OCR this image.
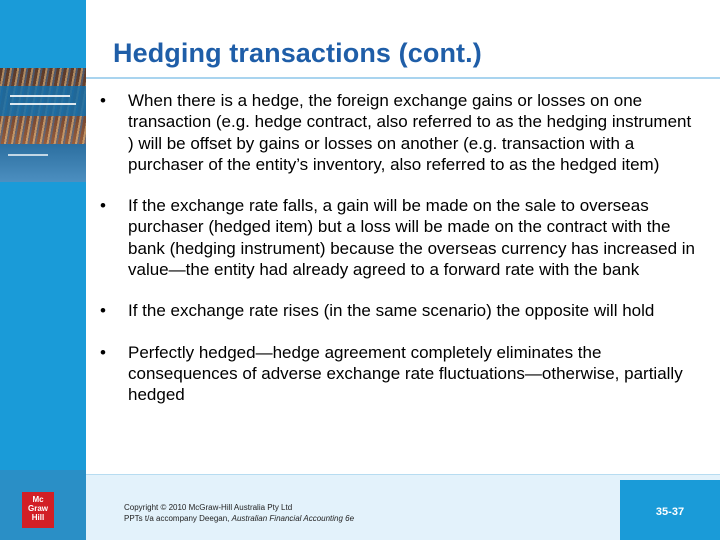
Mc
Graw
Hill
Hedging transactions (cont.)
• When there is a hedge, the foreign exchange gains or losses on one transaction (e.g. hedge contract, also referred to as the hedging instrument ) will be offset by gains or losses on another (e.g. transaction with a purchaser of the entity’s inventory, also referred to as the hedged item)
• If the exchange rate falls, a gain will be made on the sale to overseas purchaser (hedged item) but a loss will be made on the contract with the bank (hedging instrument) because the overseas currency has increased in value—the entity had already agreed to a forward rate with the bank
• If the exchange rate rises (in the same scenario) the opposite will hold
• Perfectly hedged—hedge agreement completely eliminates the consequences of adverse exchange rate fluctuations—otherwise, partially hedged
Copyright © 2010 McGraw-Hill Australia Pty Ltd
PPTs t/a accompany Deegan, Australian Financial Accounting 6e
35-37
